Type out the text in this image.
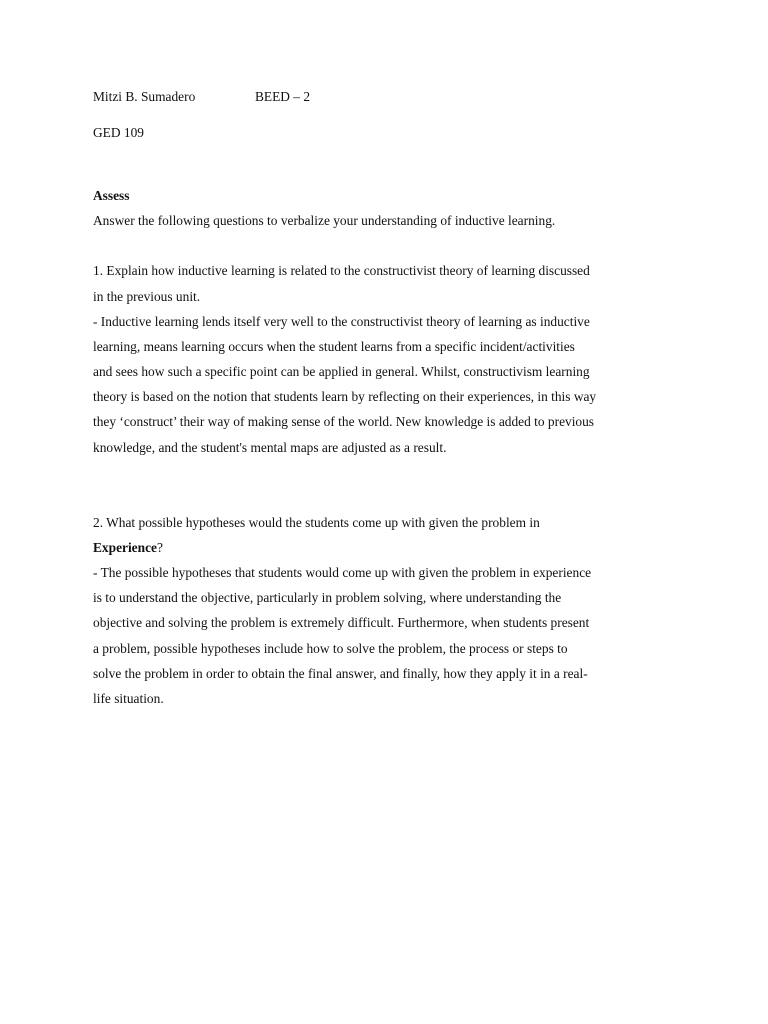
Mitzi B. Sumadero	BEED – 2
GED 109
Assess
Answer the following questions to verbalize your understanding of inductive learning.
1. Explain how inductive learning is related to the constructivist theory of learning discussed
in the previous unit.
- Inductive learning lends itself very well to the constructivist theory of learning as inductive
learning, means learning occurs when the student learns from a specific incident/activities
and sees how such a specific point can be applied in general. Whilst, constructivism learning
theory is based on the notion that students learn by reflecting on their experiences, in this way
they ‘construct’ their way of making sense of the world. New knowledge is added to previous
knowledge, and the student's mental maps are adjusted as a result.
2. What possible hypotheses would the students come up with given the problem in
Experience?
- The possible hypotheses that students would come up with given the problem in experience
is to understand the objective, particularly in problem solving, where understanding the
objective and solving the problem is extremely difficult. Furthermore, when students present
a problem, possible hypotheses include how to solve the problem, the process or steps to
solve the problem in order to obtain the final answer, and finally, how they apply it in a real-
life situation.
